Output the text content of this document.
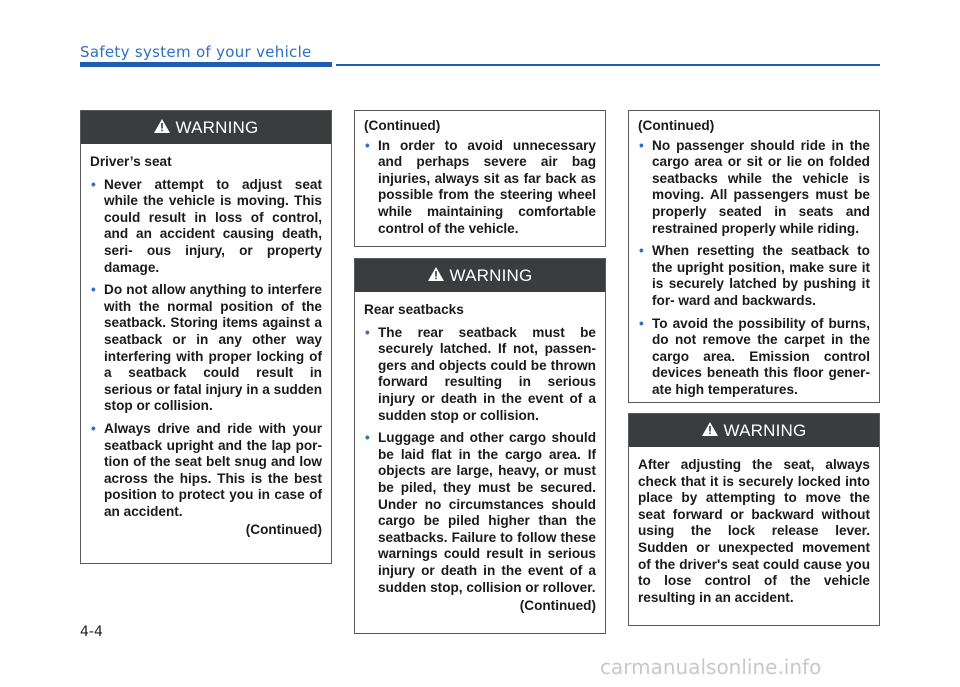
Safety system of your vehicle
WARNING
Driver’s seat
• Never attempt to adjust seat while the vehicle is moving. This could result in loss of control, and an accident causing death, seri- ous injury, or property damage.
• Do not allow anything to interfere with the normal position of the seatback. Storing items against a seatback or in any other way interfering with proper locking of a seatback could result in serious or fatal injury in a sudden stop or collision.
• Always drive and ride with your seatback upright and the lap por- tion of the seat belt snug and low across the hips. This is the best position to protect you in case of an accident.
(Continued)
(Continued)
• In order to avoid unnecessary and perhaps severe air bag injuries, always sit as far back as possible from the steering wheel while maintaining comfortable control of the vehicle.
WARNING
Rear seatbacks
• The rear seatback must be securely latched. If not, passen- gers and objects could be thrown forward resulting in serious injury or death in the event of a sudden stop or collision.
• Luggage and other cargo should be laid flat in the cargo area. If objects are large, heavy, or must be piled, they must be secured. Under no circumstances should cargo be piled higher than the seatbacks. Failure to follow these warnings could result in serious injury or death in the event of a sudden stop, collision or rollover.
(Continued)
(Continued)
• No passenger should ride in the cargo area or sit or lie on folded seatbacks while the vehicle is moving. All passengers must be properly seated in seats and restrained properly while riding.
• When resetting the seatback to the upright position, make sure it is securely latched by pushing it for- ward and backwards.
• To avoid the possibility of burns, do not remove the carpet in the cargo area. Emission control devices beneath this floor gener- ate high temperatures.
WARNING
After adjusting the seat, always check that it is securely locked into place by attempting to move the seat forward or backward without using the lock release lever. Sudden or unexpected movement of the driver's seat could cause you to lose control of the vehicle resulting in an accident.
4-4
carmanualsonline.info
